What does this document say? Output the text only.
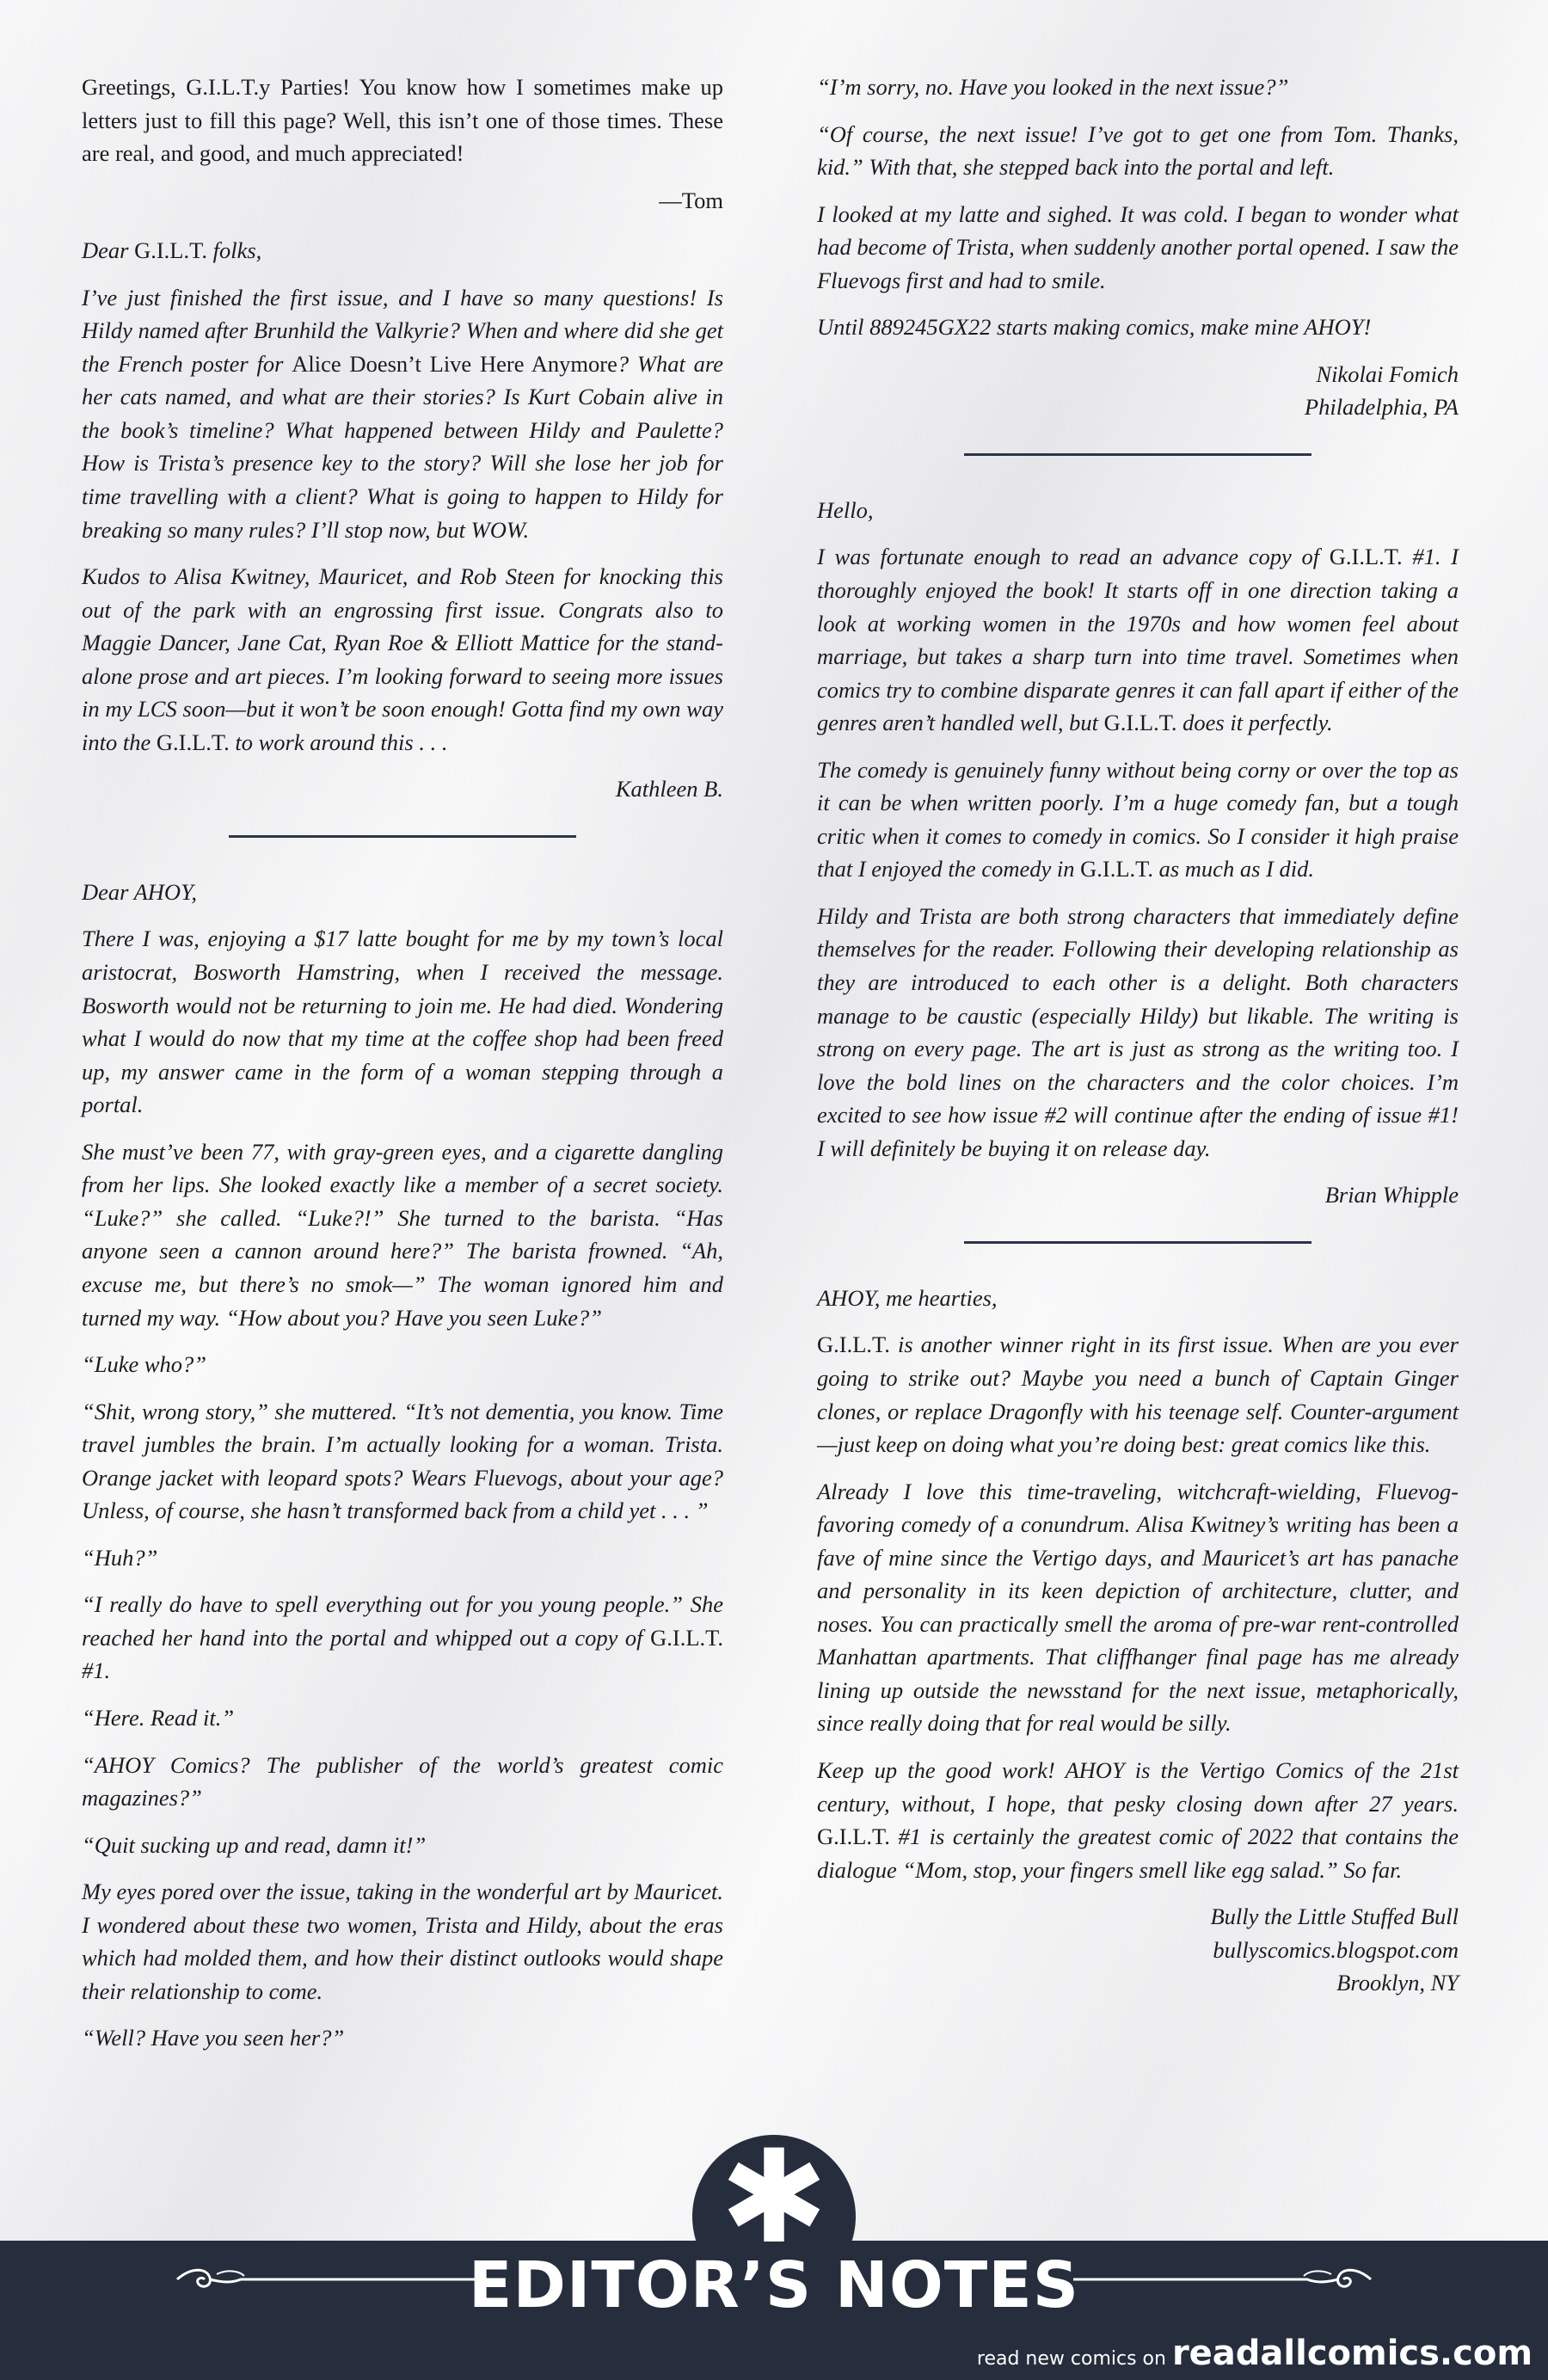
Greetings, G.I.L.T.y Parties! You know how I sometimes make up letters just to fill this page? Well, this isn’t one of those times. These are real, and good, and much appreciated!

—Tom

Dear G.I.L.T. folks,

I’ve just finished the first issue, and I have so many questions! Is Hildy named after Brunhild the Valkyrie? When and where did she get the French poster for Alice Doesn’t Live Here Anymore? What are her cats named, and what are their stories? Is Kurt Cobain alive in the book’s timeline? What happened between Hildy and Paulette? How is Trista’s presence key to the story? Will she lose her job for time travelling with a client? What is going to happen to Hildy for breaking so many rules? I’ll stop now, but WOW.

Kudos to Alisa Kwitney, Mauricet, and Rob Steen for knocking this out of the park with an engrossing first issue. Congrats also to Maggie Dancer, Jane Cat, Ryan Roe & Elliott Mattice for the stand-alone prose and art pieces. I’m looking forward to seeing more issues in my LCS soon—but it won’t be soon enough! Gotta find my own way into the G.I.L.T. to work around this . . .

Kathleen B.

Dear AHOY,

There I was, enjoying a $17 latte bought for me by my town’s local aristocrat, Bosworth Hamstring, when I received the message. Bosworth would not be returning to join me. He had died. Wondering what I would do now that my time at the coffee shop had been freed up, my answer came in the form of a woman stepping through a portal.

She must’ve been 77, with gray-green eyes, and a cigarette dangling from her lips. She looked exactly like a member of a secret society. “Luke?” she called. “Luke?!” She turned to the barista. “Has anyone seen a cannon around here?” The barista frowned. “Ah, excuse me, but there’s no smok—” The woman ignored him and turned my way. “How about you? Have you seen Luke?”

“Luke who?”

“Shit, wrong story,” she muttered. “It’s not dementia, you know. Time travel jumbles the brain. I’m actually looking for a woman. Trista. Orange jacket with leopard spots? Wears Fluevogs, about your age? Unless, of course, she hasn’t transformed back from a child yet . . . ”

“Huh?”

“I really do have to spell everything out for you young people.” She reached her hand into the portal and whipped out a copy of G.I.L.T. #1.

“Here. Read it.”

“AHOY Comics? The publisher of the world’s greatest comic magazines?”

“Quit sucking up and read, damn it!”

My eyes pored over the issue, taking in the wonderful art by Mauricet. I wondered about these two women, Trista and Hildy, about the eras which had molded them, and how their distinct outlooks would shape their relationship to come.

“Well? Have you seen her?”

“I’m sorry, no. Have you looked in the next issue?”

“Of course, the next issue! I’ve got to get one from Tom. Thanks, kid.” With that, she stepped back into the portal and left.

I looked at my latte and sighed. It was cold. I began to wonder what had become of Trista, when suddenly another portal opened. I saw the Fluevogs first and had to smile.

Until 889245GX22 starts making comics, make mine AHOY!

Nikolai Fomich
Philadelphia, PA

Hello,

I was fortunate enough to read an advance copy of G.I.L.T. #1. I thoroughly enjoyed the book! It starts off in one direction taking a look at working women in the 1970s and how women feel about marriage, but takes a sharp turn into time travel. Sometimes when comics try to combine disparate genres it can fall apart if either of the genres aren’t handled well, but G.I.L.T. does it perfectly.

The comedy is genuinely funny without being corny or over the top as it can be when written poorly. I’m a huge comedy fan, but a tough critic when it comes to comedy in comics. So I consider it high praise that I enjoyed the comedy in G.I.L.T. as much as I did.

Hildy and Trista are both strong characters that immediately define themselves for the reader. Following their developing relationship as they are introduced to each other is a delight. Both characters manage to be caustic (especially Hildy) but likable. The writing is strong on every page. The art is just as strong as the writing too. I love the bold lines on the characters and the color choices. I’m excited to see how issue #2 will continue after the ending of issue #1! I will definitely be buying it on release day.

Brian Whipple

AHOY, me hearties,

G.I.L.T. is another winner right in its first issue. When are you ever going to strike out? Maybe you need a bunch of Captain Ginger clones, or replace Dragonfly with his teenage self. Counter-argument—just keep on doing what you’re doing best: great comics like this.

Already I love this time-traveling, witchcraft-wielding, Fluevog-favoring comedy of a conundrum. Alisa Kwitney’s writing has been a fave of mine since the Vertigo days, and Mauricet’s art has panache and personality in its keen depiction of architecture, clutter, and noses. You can practically smell the aroma of pre-war rent-controlled Manhattan apartments. That cliffhanger final page has me already lining up outside the newsstand for the next issue, metaphorically, since really doing that for real would be silly.

Keep up the good work! AHOY is the Vertigo Comics of the 21st century, without, I hope, that pesky closing down after 27 years. G.I.L.T. #1 is certainly the greatest comic of 2022 that contains the dialogue “Mom, stop, your fingers smell like egg salad.” So far.

Bully the Little Stuffed Bull
bullyscomics.blogspot.com
Brooklyn, NY
✱
EDITOR’S NOTES
read new comics on readallcomics.com
